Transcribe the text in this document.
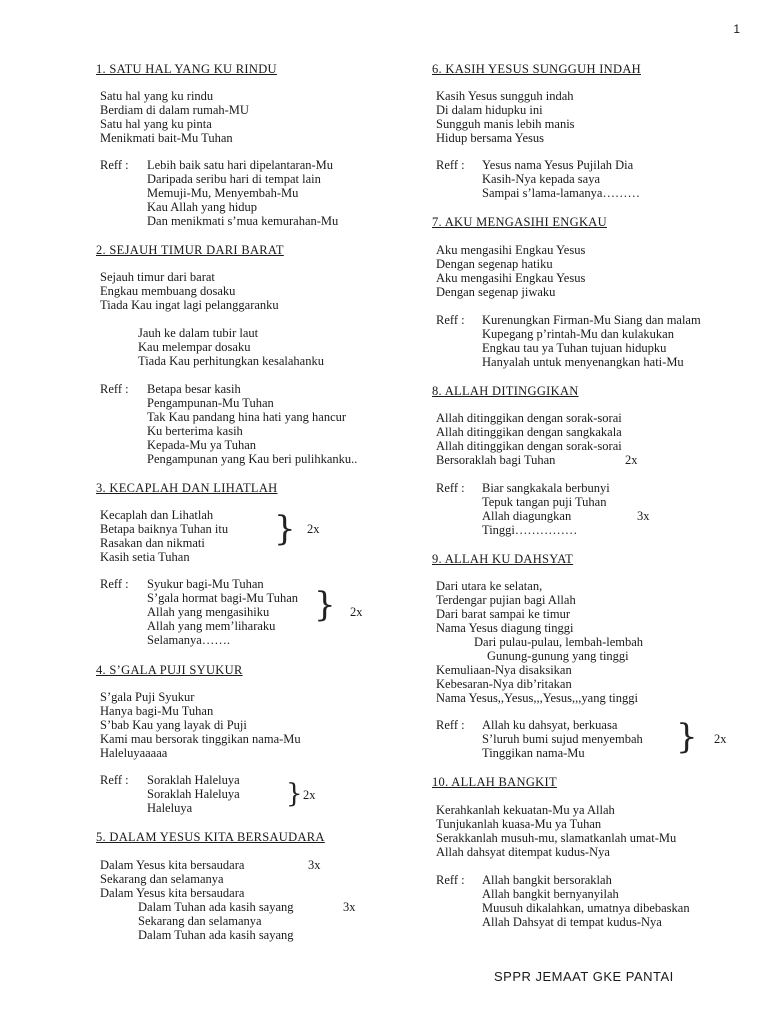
1
1. SATU HAL YANG KU RINDU
Satu hal yang ku rindu
Berdiam di dalam rumah-MU
Satu hal yang ku pinta
Menikmati bait-Mu Tuhan
Reff : Lebih baik satu hari dipelantaran-Mu
Daripada seribu hari di tempat lain
Memuji-Mu, Menyembah-Mu
Kau Allah yang hidup
Dan menikmati s’mua kemurahan-Mu
2. SEJAUH TIMUR DARI BARAT
Sejauh timur dari barat
Engkau membuang dosaku
Tiada Kau ingat lagi pelanggaranku
Jauh ke dalam tubir laut
Kau melempar dosaku
Tiada Kau perhitungkan kesalahanku
Reff : Betapa besar kasih
Pengampunan-Mu Tuhan
Tak Kau pandang hina hati yang hancur
Ku berterima kasih
Kepada-Mu ya Tuhan
Pengampunan yang Kau beri pulihkanku..
3. KECAPLAH DAN LIHATLAH
Kecaplah dan Lihatlah
Betapa baiknya Tuhan itu
Rasakan dan nikmati
Kasih setia Tuhan
} 2x
Reff : Syukur bagi-Mu Tuhan
S’gala hormat bagi-Mu Tuhan
Allah yang mengasihiku
Allah yang mem’liharaku
Selamanya…….
} 2x
4. S’GALA PUJI SYUKUR
S’gala Puji Syukur
Hanya bagi-Mu Tuhan
S’bab Kau yang layak di Puji
Kami mau bersorak tinggikan nama-Mu
Haleluyaaaaa
Reff : Soraklah Haleluya
Soraklah Haleluya
Haleluya	} 2x
5. DALAM YESUS KITA BERSAUDARA
Dalam Yesus kita bersaudara	3x
Sekarang dan selamanya
Dalam Yesus kita bersaudara
Dalam Tuhan ada kasih sayang	3x
Sekarang dan selamanya
Dalam Tuhan ada kasih sayang
6. KASIH YESUS SUNGGUH INDAH
Kasih Yesus sungguh indah
Di dalam hidupku ini
Sungguh manis lebih manis
Hidup bersama Yesus
Reff : Yesus nama Yesus Pujilah Dia
Kasih-Nya kepada saya
Sampai s’lama-lamanya………
7. AKU MENGASIHI ENGKAU
Aku mengasihi Engkau Yesus
Dengan segenap hatiku
Aku mengasihi Engkau Yesus
Dengan segenap jiwaku
Reff : Kurenungkan Firman-Mu Siang dan malam
Kupegang p’rintah-Mu dan kulakukan
Engkau tau ya Tuhan tujuan hidupku
Hanyalah untuk menyenangkan hati-Mu
8. ALLAH DITINGGIKAN
Allah ditinggikan dengan sorak-sorai
Allah ditinggikan dengan sangkakala
Allah ditinggikan dengan sorak-sorai
Bersoraklah bagi Tuhan	2x
Reff : Biar sangkakala berbunyi
Tepuk tangan puji Tuhan
Allah diagungkan	3x
Tinggi……………
9. ALLAH KU DAHSYAT
Dari utara ke selatan,
Terdengar pujian bagi Allah
Dari barat sampai ke timur
Nama Yesus diagung tinggi
Dari pulau-pulau, lembah-lembah
Gunung-gunung yang tinggi
Kemuliaan-Nya disaksikan
Kebesaran-Nya dib’ritakan
Nama Yesus,,Yesus,,,Yesus,,,yang tinggi
Reff : Allah ku dahsyat, berkuasa
S’luruh bumi sujud menyembah
Tinggikan nama-Mu	} 2x
10. ALLAH BANGKIT
Kerahkanlah kekuatan-Mu ya Allah
Tunjukanlah kuasa-Mu ya Tuhan
Serakkanlah musuh-mu, slamatkanlah umat-Mu
Allah dahsyat ditempat kudus-Nya
Reff : Allah bangkit bersoraklah
Allah bangkit bernyanyilah
Muusuh dikalahkan, umatnya dibebaskan
Allah Dahsyat di tempat kudus-Nya
SPPR JEMAAT GKE PANTAI
